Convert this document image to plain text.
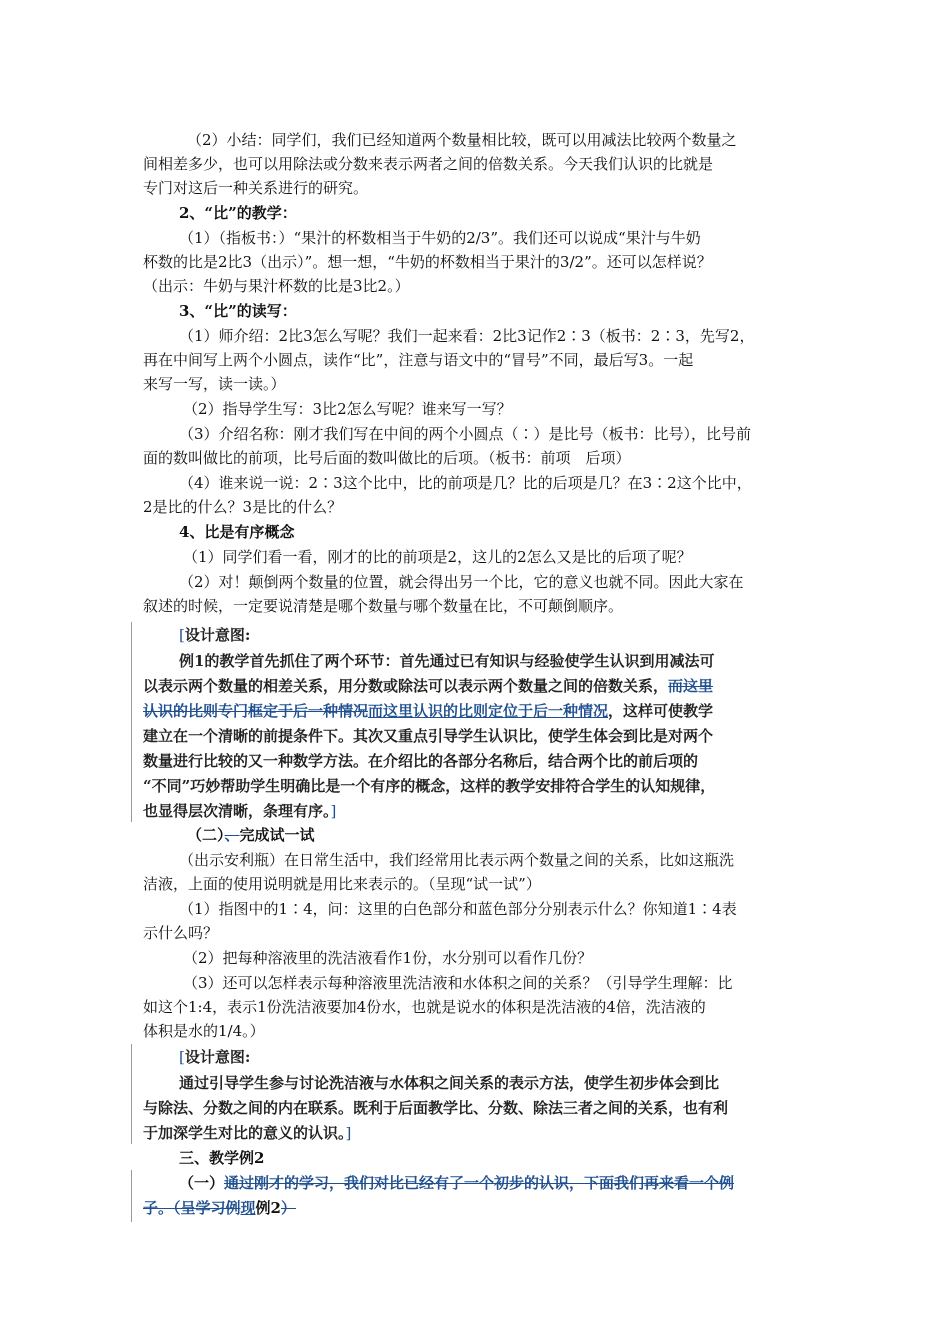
（2）小结：同学们，我们已经知道两个数量相比较，既可以用减法比较两个数量之
间相差多少，也可以用除法或分数来表示两者之间的倍数关系。今天我们认识的比就是
专门对这后一种关系进行的研究。
2、“比”的教学：
（1）（指板书：）“果汁的杯数相当于牛奶的2/3”。我们还可以说成“果汁与牛奶
杯数的比是2比3（出示）”。想一想，“牛奶的杯数相当于果汁的3/2”。还可以怎样说？
（出示：牛奶与果汁杯数的比是3比2。）
3、“比”的读写：
（1）师介绍：2比3怎么写呢？我们一起来看：2比3记作2∶3（板书：2∶3，先写2，
再在中间写上两个小圆点，读作“比”，注意与语文中的“冒号”不同，最后写3。一起
来写一写，读一读。）
（2）指导学生写：3比2怎么写呢？谁来写一写？
（3）介绍名称：刚才我们写在中间的两个小圆点（∶）是比号（板书：比号），比号前
面的数叫做比的前项，比号后面的数叫做比的后项。（板书：前项　后项）
（4）谁来说一说：2∶3这个比中，比的前项是几？比的后项是几？在3∶2这个比中，
2是比的什么？3是比的什么？
4、比是有序概念
（1）同学们看一看，刚才的比的前项是2，这儿的2怎么又是比的后项了呢？
（2）对！颠倒两个数量的位置，就会得出另一个比，它的意义也就不同。因此大家在
叙述的时候，一定要说清楚是哪个数量与哪个数量在比，不可颠倒顺序。
[设计意图:
例1的教学首先抓住了两个环节：首先通过已有知识与经验使学生认识到用减法可
以表示两个数量的相差关系，用分数或除法可以表示两个数量之间的倍数关系，而这里
认识的比则专门框定于后一种情况而这里认识的比则定位于后一种情况，这样可使教学
建立在一个清晰的前提条件下。其次又重点引导学生认识比，使学生体会到比是对两个
数量进行比较的又一种数学方法。在介绍比的各部分名称后，结合两个比的前后项的
“不同”巧妙帮助学生明确比是一个有序的概念，这样的教学安排符合学生的认知规律，
也显得层次清晰，条理有序。]
（二）、完成试一试
（出示安利瓶）在日常生活中，我们经常用比表示两个数量之间的关系，比如这瓶洗
洁液，上面的使用说明就是用比来表示的。（呈现“试一试”）
（1）指图中的1∶4，问：这里的白色部分和蓝色部分分别表示什么？你知道1∶4表
示什么吗？
（2）把每种溶液里的洗洁液看作1份，水分别可以看作几份？
（3）还可以怎样表示每种溶液里洗洁液和水体积之间的关系？（引导学生理解：比
如这个1:4，表示1份洗洁液要加4份水，也就是说水的体积是洗洁液的4倍，洗洁液的
体积是水的1/4。）
[设计意图:
通过引导学生参与讨论洗洁液与水体积之间关系的表示方法，使学生初步体会到比
与除法、分数之间的内在联系。既利于后面教学比、分数、除法三者之间的关系，也有利
于加深学生对比的意义的认识。]
三、教学例2
（一）通过刚才的学习，我们对比已经有了一个初步的认识，下面我们再来看一个例
子。（呈学习例现例2）
